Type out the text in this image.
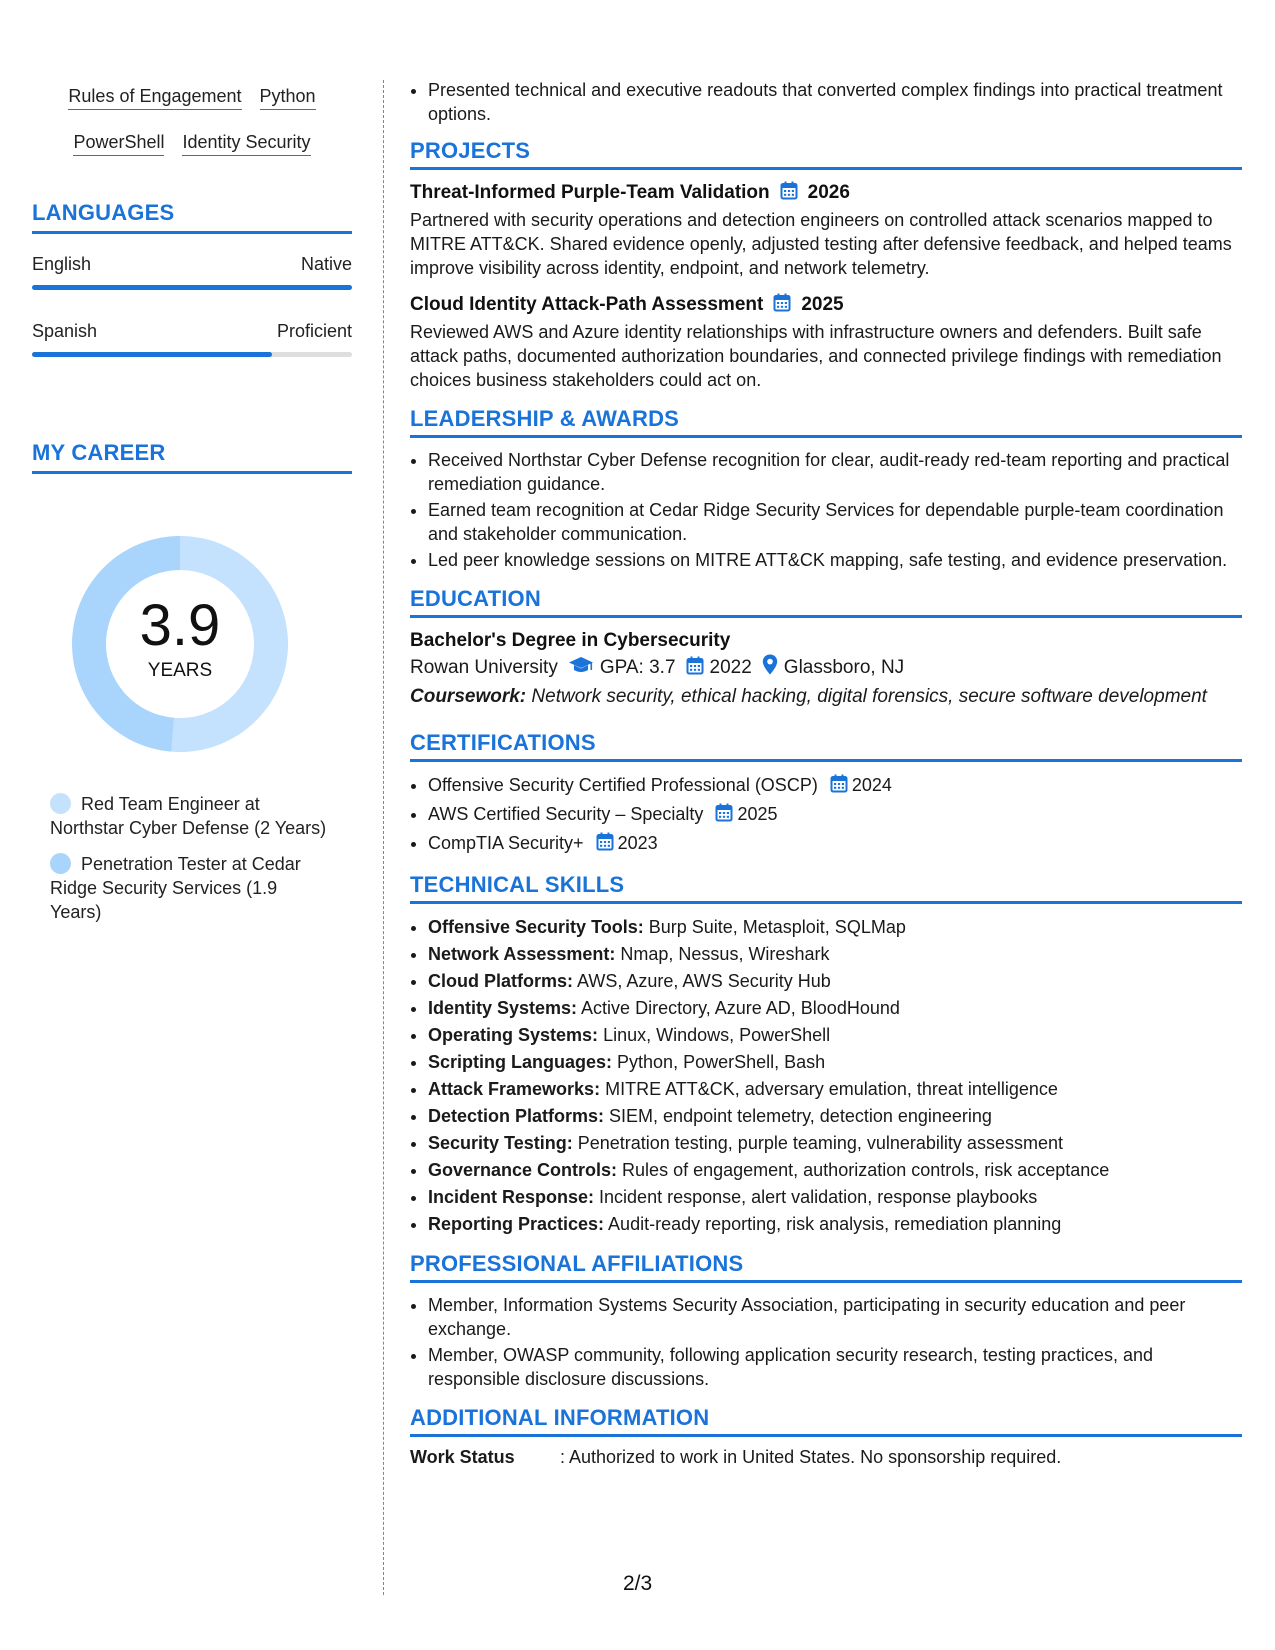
Rules of Engagement Python
PowerShell Identity Security
LANGUAGES
English	Native
Spanish	Proficient
MY CAREER
3.9
YEARS
Red Team Engineer at Northstar Cyber Defense (2 Years)
Penetration Tester at Cedar Ridge Security Services (1.9 Years)
• Presented technical and executive readouts that converted complex findings into practical treatment options.
PROJECTS
Threat-Informed Purple-Team Validation 2026
Partnered with security operations and detection engineers on controlled attack scenarios mapped to MITRE ATT&CK. Shared evidence openly, adjusted testing after defensive feedback, and helped teams improve visibility across identity, endpoint, and network telemetry.
Cloud Identity Attack-Path Assessment 2025
Reviewed AWS and Azure identity relationships with infrastructure owners and defenders. Built safe attack paths, documented authorization boundaries, and connected privilege findings with remediation choices business stakeholders could act on.
LEADERSHIP & AWARDS
• Received Northstar Cyber Defense recognition for clear, audit-ready red-team reporting and practical remediation guidance.
• Earned team recognition at Cedar Ridge Security Services for dependable purple-team coordination and stakeholder communication.
• Led peer knowledge sessions on MITRE ATT&CK mapping, safe testing, and evidence preservation.
EDUCATION
Bachelor's Degree in Cybersecurity
Rowan University GPA: 3.7 2022 Glassboro, NJ
Coursework: Network security, ethical hacking, digital forensics, secure software development
CERTIFICATIONS
• Offensive Security Certified Professional (OSCP) 2024
• AWS Certified Security – Specialty 2025
• CompTIA Security+ 2023
TECHNICAL SKILLS
• Offensive Security Tools: Burp Suite, Metasploit, SQLMap
• Network Assessment: Nmap, Nessus, Wireshark
• Cloud Platforms: AWS, Azure, AWS Security Hub
• Identity Systems: Active Directory, Azure AD, BloodHound
• Operating Systems: Linux, Windows, PowerShell
• Scripting Languages: Python, PowerShell, Bash
• Attack Frameworks: MITRE ATT&CK, adversary emulation, threat intelligence
• Detection Platforms: SIEM, endpoint telemetry, detection engineering
• Security Testing: Penetration testing, purple teaming, vulnerability assessment
• Governance Controls: Rules of engagement, authorization controls, risk acceptance
• Incident Response: Incident response, alert validation, response playbooks
• Reporting Practices: Audit-ready reporting, risk analysis, remediation planning
PROFESSIONAL AFFILIATIONS
• Member, Information Systems Security Association, participating in security education and peer exchange.
• Member, OWASP community, following application security research, testing practices, and responsible disclosure discussions.
ADDITIONAL INFORMATION
Work Status	: Authorized to work in United States. No sponsorship required.
2/3
